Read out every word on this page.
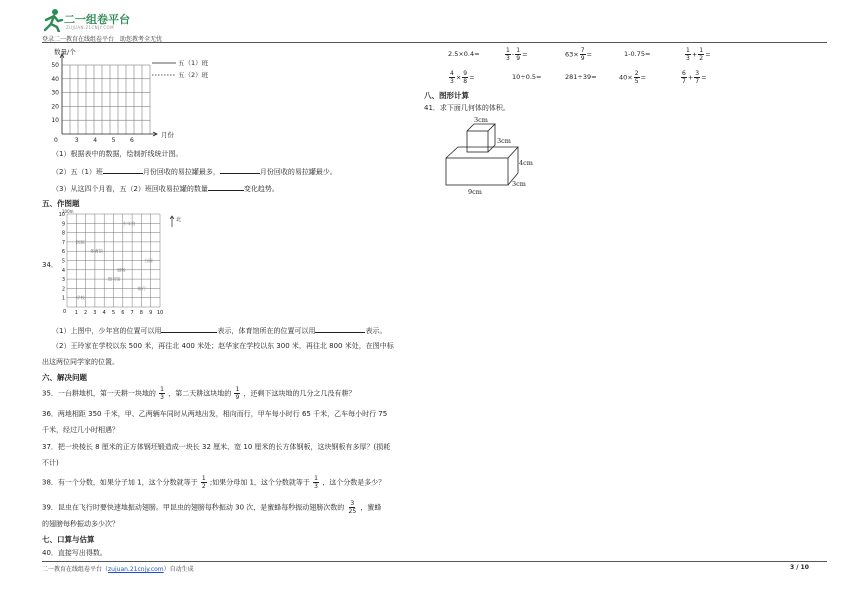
二一组卷平台
ZUJUAN.21CNJY.COM
登录二一教育在线组卷平台　助您教考全无忧
数量/个
10
20
30
40
50
3 4 5 6
0
月份
五（1）班
五（2）班
（1）根据表中的数据，绘制折线统计图。
（2）五（1）班	月份回收的易拉罐最多，	月份回收的易拉罐最少。
（3）从这四个月看，五（2）班回收易拉罐的数量	变化趋势。
五、作图题
34．
100m
0 1
1
2
2
3
3
4
4
5
5
6
6
7
7
8
8
9
9
10
10
少年宫
医院
体育馆
公园
剧场
图书馆
银行
学校
北
（1）上图中，少年宫的位置可以用	表示，体育馆所在的位置可以用	表示。
（2）王玲家在学校以东 500 米，再往北 400 米处；赵华家在学校以东 300 米，再往北 800 米处，在图中标
出这两位同学家的位置。
六、解决问题
35．一台耕地机，第一天耕一块地的 $\frac{1}{3}$ ，第二天耕这块地的 $\frac{1}{9}$ ，还剩下这块地的几分之几没有耕？
36．两地相距 350 千米，甲、乙两辆车同时从两地出发，相向而行，甲车每小时行 65 千米，乙车每小时行 75
千米，经过几小时相遇？
37．把一块棱长 8 厘米的正方体钢坯锻造成一块长 32 厘米、宽 10 厘米的长方体钢板，这块钢板有多厚？(损耗
不计)
38．有一个分数，如果分子加 1，这个分数就等于 $\frac{1}{2}$ ;如果分母加 1，这个分数就等于 $\frac{1}{3}$ ，这个分数是多少？
39．昆虫在飞行时要快速地振动翅膀。甲昆虫的翅膀每秒振动 30 次，是蜜蜂每秒振动翅膀次数的 $\frac{3}{25}$ ，蜜蜂
的翅膀每秒振动多少次？
七、口算与估算
40．直接写出得数。
2.5×0.4=	$\frac{1}{3} - \frac{1}{9}$ =	$63\times \frac{7}{9}$ =	1-0.75=	$\frac{1}{3} + \frac{1}{2}$ =
$\frac{4}{3} \times \frac{9}{8}$ =	10÷0.5=	281÷39≈	$40\times \frac{2}{5}$ =	$\frac{6}{7} + \frac{3}{7}$ =
八、图形计算
41．求下面几何体的体积。
3cm
3cm
4cm
9cm
3cm
二一教育在线组卷平台（zujuan.21cnjy.com）自动生成	3 / 10
